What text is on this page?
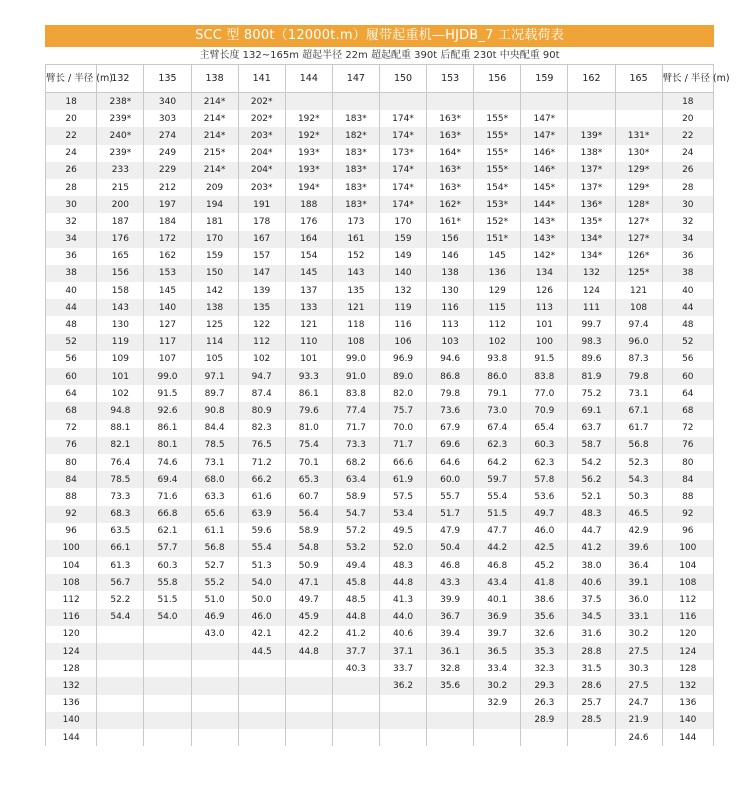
SCC 型 800t（12000t.m）履带起重机—HJDB_7 工况载荷表
主臂长度 132~165m 超起半径 22m 超起配重 390t 后配重 230t 中央配重 90t
臂长 / 半径 (m)	132	135	138	141	144	147	150	153	156	159	162	165	臂长 / 半径 (m)
18	238*	340	214*	202*									18
20	239*	303	214*	202*	192*	183*	174*	163*	155*	147*			20
22	240*	274	214*	203*	192*	182*	174*	163*	155*	147*	139*	131*	22
24	239*	249	215*	204*	193*	183*	173*	164*	155*	146*	138*	130*	24
26	233	229	214*	204*	193*	183*	174*	163*	155*	146*	137*	129*	26
28	215	212	209	203*	194*	183*	174*	163*	154*	145*	137*	129*	28
30	200	197	194	191	188	183*	174*	162*	153*	144*	136*	128*	30
32	187	184	181	178	176	173	170	161*	152*	143*	135*	127*	32
34	176	172	170	167	164	161	159	156	151*	143*	134*	127*	34
36	165	162	159	157	154	152	149	146	145	142*	134*	126*	36
38	156	153	150	147	145	143	140	138	136	134	132	125*	38
40	158	145	142	139	137	135	132	130	129	126	124	121	40
44	143	140	138	135	133	121	119	116	115	113	111	108	44
48	130	127	125	122	121	118	116	113	112	101	99.7	97.4	48
52	119	117	114	112	110	108	106	103	102	100	98.3	96.0	52
56	109	107	105	102	101	99.0	96.9	94.6	93.8	91.5	89.6	87.3	56
60	101	99.0	97.1	94.7	93.3	91.0	89.0	86.8	86.0	83.8	81.9	79.8	60
64	102	91.5	89.7	87.4	86.1	83.8	82.0	79.8	79.1	77.0	75.2	73.1	64
68	94.8	92.6	90.8	80.9	79.6	77.4	75.7	73.6	73.0	70.9	69.1	67.1	68
72	88.1	86.1	84.4	82.3	81.0	71.7	70.0	67.9	67.4	65.4	63.7	61.7	72
76	82.1	80.1	78.5	76.5	75.4	73.3	71.7	69.6	62.3	60.3	58.7	56.8	76
80	76.4	74.6	73.1	71.2	70.1	68.2	66.6	64.6	64.2	62.3	54.2	52.3	80
84	78.5	69.4	68.0	66.2	65.3	63.4	61.9	60.0	59.7	57.8	56.2	54.3	84
88	73.3	71.6	63.3	61.6	60.7	58.9	57.5	55.7	55.4	53.6	52.1	50.3	88
92	68.3	66.8	65.6	63.9	56.4	54.7	53.4	51.7	51.5	49.7	48.3	46.5	92
96	63.5	62.1	61.1	59.6	58.9	57.2	49.5	47.9	47.7	46.0	44.7	42.9	96
100	66.1	57.7	56.8	55.4	54.8	53.2	52.0	50.4	44.2	42.5	41.2	39.6	100
104	61.3	60.3	52.7	51.3	50.9	49.4	48.3	46.8	46.8	45.2	38.0	36.4	104
108	56.7	55.8	55.2	54.0	47.1	45.8	44.8	43.3	43.4	41.8	40.6	39.1	108
112	52.2	51.5	51.0	50.0	49.7	48.5	41.3	39.9	40.1	38.6	37.5	36.0	112
116	54.4	54.0	46.9	46.0	45.9	44.8	44.0	36.7	36.9	35.6	34.5	33.1	116
120			43.0	42.1	42.2	41.2	40.6	39.4	39.7	32.6	31.6	30.2	120
124				44.5	44.8	37.7	37.1	36.1	36.5	35.3	28.8	27.5	124
128						40.3	33.7	32.8	33.4	32.3	31.5	30.3	128
132							36.2	35.6	30.2	29.3	28.6	27.5	132
136									32.9	26.3	25.7	24.7	136
140										28.9	28.5	21.9	140
144												24.6	144
